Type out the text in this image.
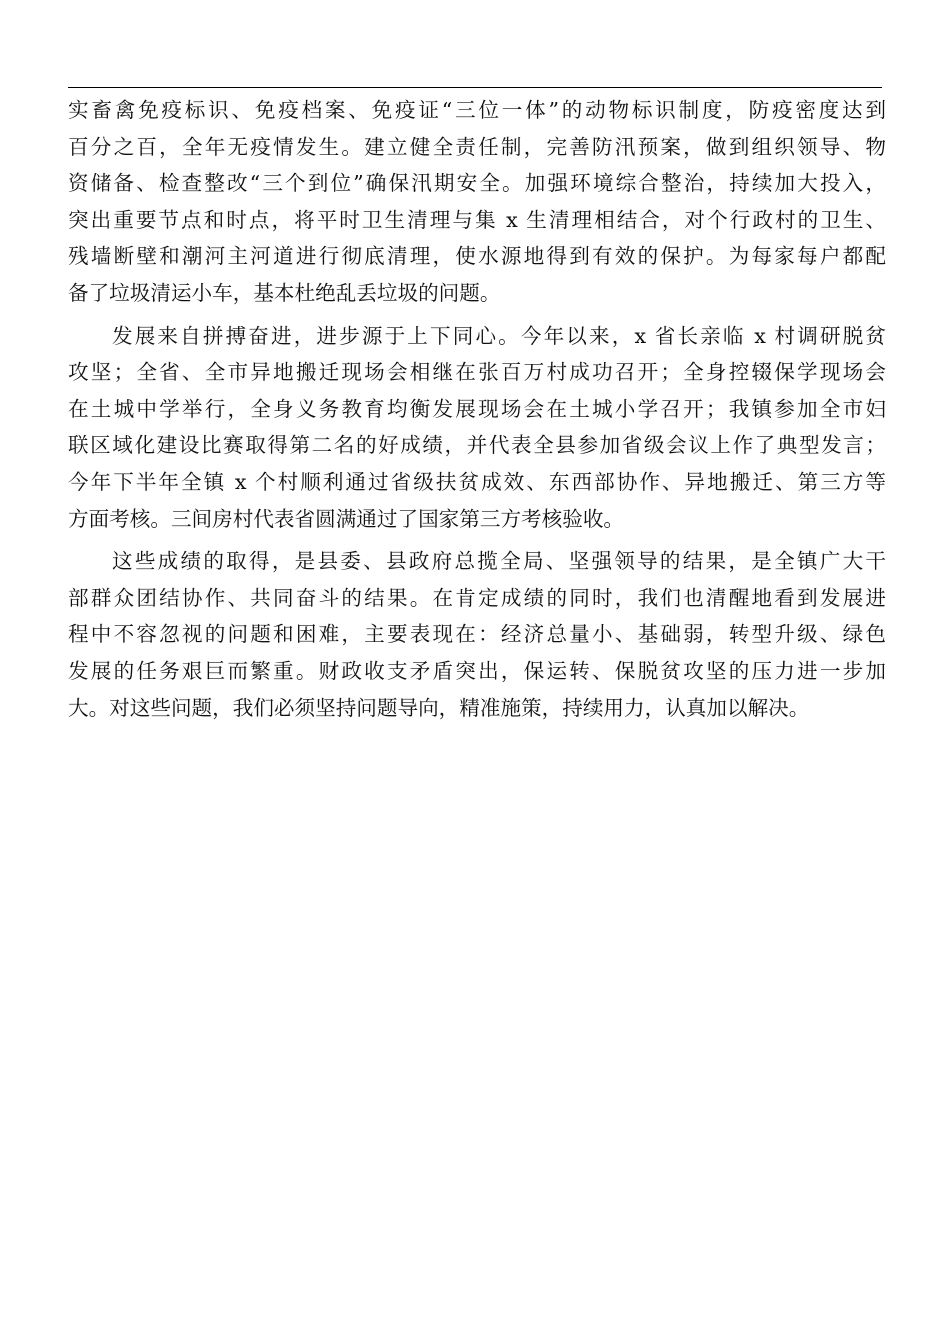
实畜禽免疫标识、免疫档案、免疫证“三位一体”的动物标识制度，防疫密度达到
百分之百，全年无疫情发生。建立健全责任制，完善防汛预案，做到组织领导、物
资储备、检查整改“三个到位”确保汛期安全。加强环境综合整治，持续加大投入，
突出重要节点和时点，将平时卫生清理与集 x 生清理相结合，对个行政村的卫生、
残墙断壁和潮河主河道进行彻底清理，使水源地得到有效的保护。为每家每户都配
备了垃圾清运小车，基本杜绝乱丢垃圾的问题。
发展来自拼搏奋进，进步源于上下同心。今年以来，x 省长亲临 x 村调研脱贫
攻坚；全省、全市异地搬迁现场会相继在张百万村成功召开；全身控辍保学现场会
在土城中学举行，全身义务教育均衡发展现场会在土城小学召开；我镇参加全市妇
联区域化建设比赛取得第二名的好成绩，并代表全县参加省级会议上作了典型发言；
今年下半年全镇 x 个村顺利通过省级扶贫成效、东西部协作、异地搬迁、第三方等
方面考核。三间房村代表省圆满通过了国家第三方考核验收。
这些成绩的取得，是县委、县政府总揽全局、坚强领导的结果，是全镇广大干
部群众团结协作、共同奋斗的结果。在肯定成绩的同时，我们也清醒地看到发展进
程中不容忽视的问题和困难，主要表现在：经济总量小、基础弱，转型升级、绿色
发展的任务艰巨而繁重。财政收支矛盾突出，保运转、保脱贫攻坚的压力进一步加
大。对这些问题，我们必须坚持问题导向，精准施策，持续用力，认真加以解决。
